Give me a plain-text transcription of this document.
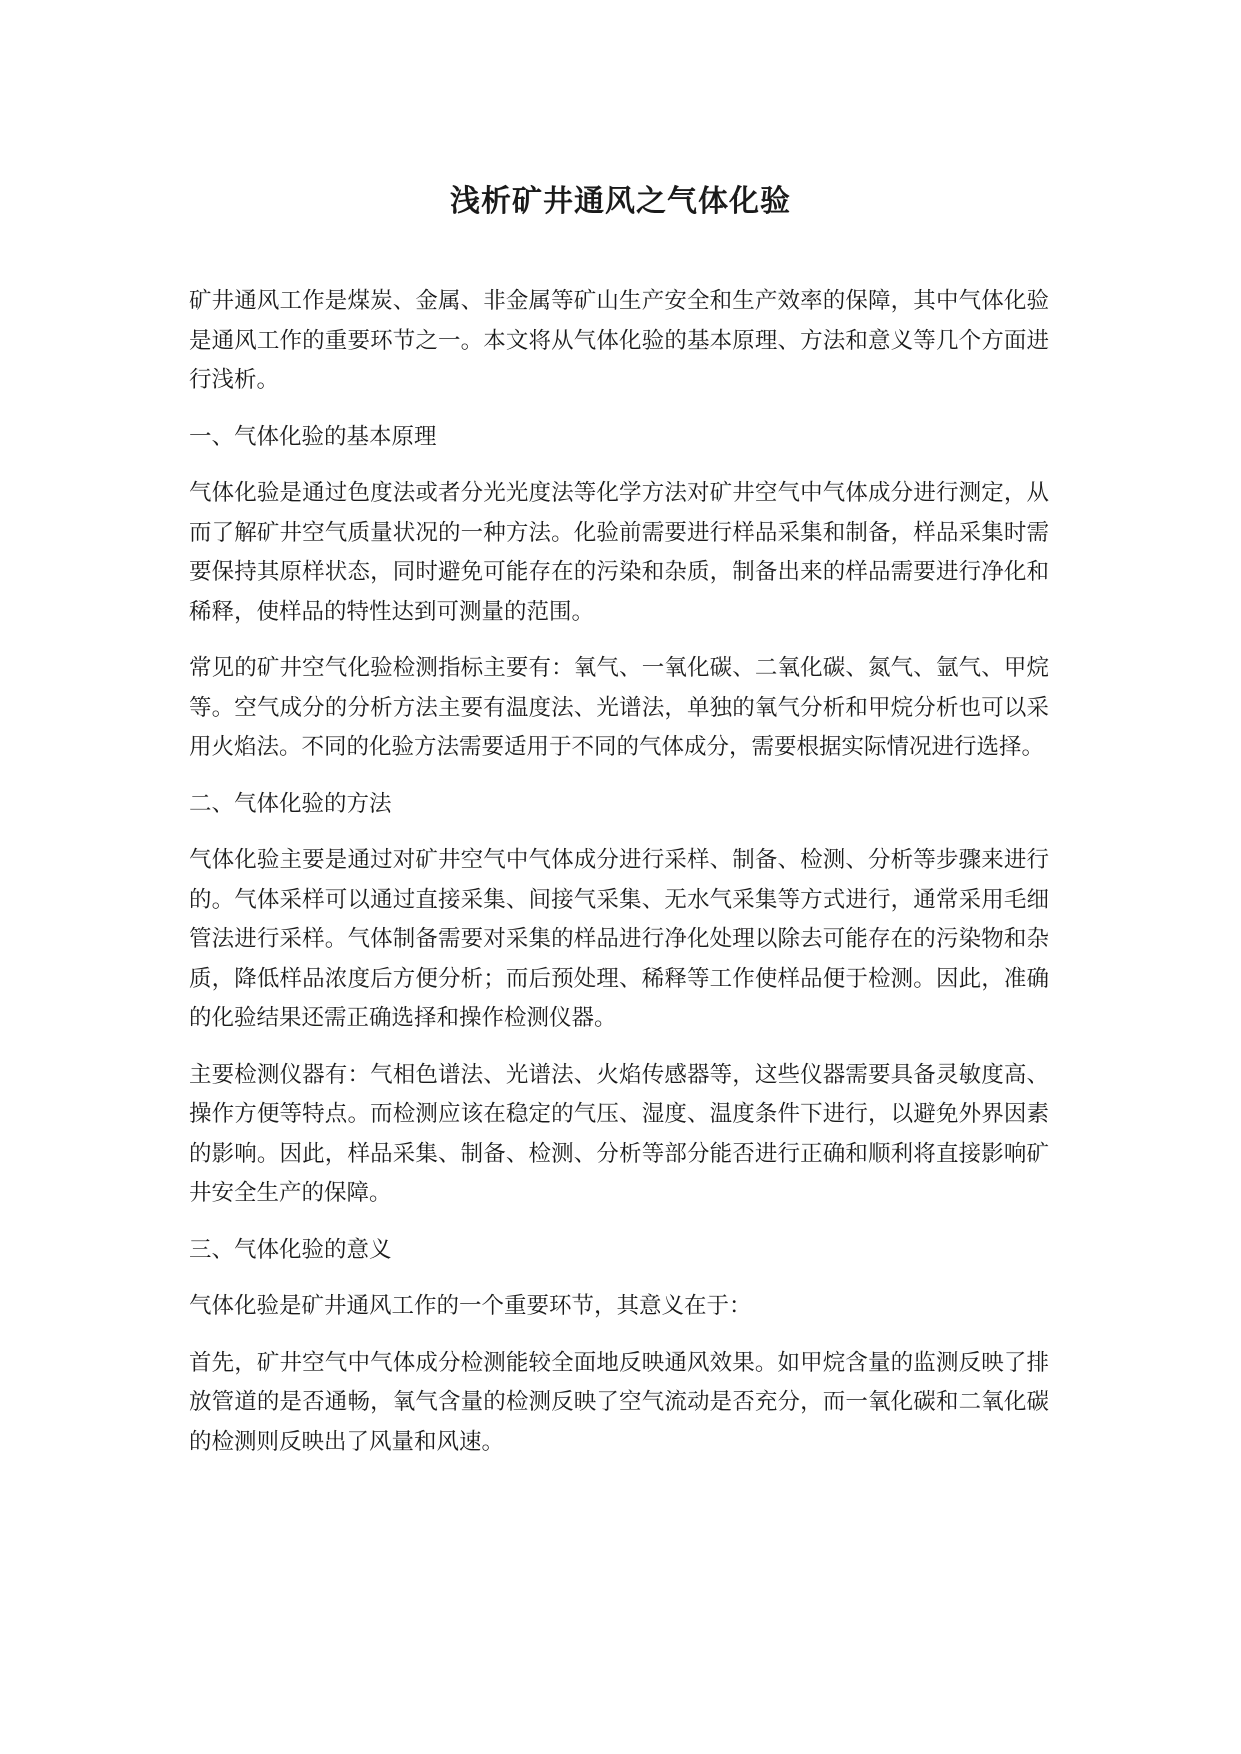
浅析矿井通风之气体化验

矿井通风工作是煤炭、金属、非金属等矿山生产安全和生产效率的保障，其中气体化验是通风工作的重要环节之一。本文将从气体化验的基本原理、方法和意义等几个方面进行浅析。

一、气体化验的基本原理

气体化验是通过色度法或者分光光度法等化学方法对矿井空气中气体成分进行测定，从而了解矿井空气质量状况的一种方法。化验前需要进行样品采集和制备，样品采集时需要保持其原样状态，同时避免可能存在的污染和杂质，制备出来的样品需要进行净化和稀释，使样品的特性达到可测量的范围。

常见的矿井空气化验检测指标主要有：氧气、一氧化碳、二氧化碳、氮气、氩气、甲烷等。空气成分的分析方法主要有温度法、光谱法，单独的氧气分析和甲烷分析也可以采用火焰法。不同的化验方法需要适用于不同的气体成分，需要根据实际情况进行选择。

二、气体化验的方法

气体化验主要是通过对矿井空气中气体成分进行采样、制备、检测、分析等步骤来进行的。气体采样可以通过直接采集、间接气采集、无水气采集等方式进行，通常采用毛细管法进行采样。气体制备需要对采集的样品进行净化处理以除去可能存在的污染物和杂质，降低样品浓度后方便分析；而后预处理、稀释等工作使样品便于检测。因此，准确的化验结果还需正确选择和操作检测仪器。

主要检测仪器有：气相色谱法、光谱法、火焰传感器等，这些仪器需要具备灵敏度高、操作方便等特点。而检测应该在稳定的气压、湿度、温度条件下进行，以避免外界因素的影响。因此，样品采集、制备、检测、分析等部分能否进行正确和顺利将直接影响矿井安全生产的保障。

三、气体化验的意义

气体化验是矿井通风工作的一个重要环节，其意义在于：

首先，矿井空气中气体成分检测能较全面地反映通风效果。如甲烷含量的监测反映了排放管道的是否通畅，氧气含量的检测反映了空气流动是否充分，而一氧化碳和二氧化碳的检测则反映出了风量和风速。
